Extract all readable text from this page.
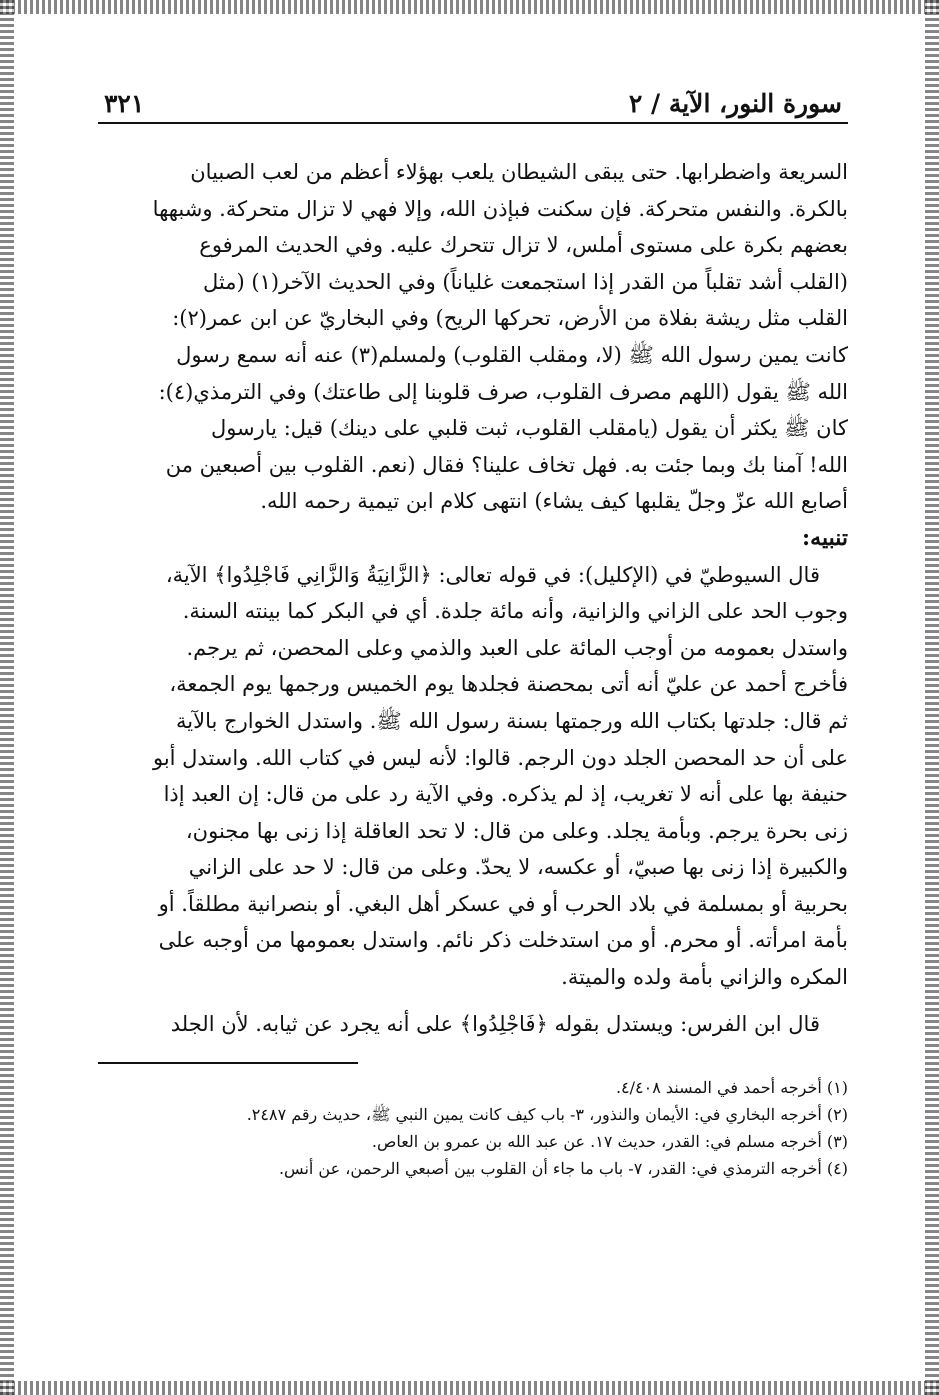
سورة النور، الآية / ٢
٣٢١

السريعة واضطرابها. حتى يبقى الشيطان يلعب بهؤلاء أعظم من لعب الصبيان

بالكرة. والنفس متحركة. فإن سكنت فبإذن الله، وإلا فهي لا تزال متحركة. وشبهها

بعضهم بكرة على مستوى أملس، لا تزال تتحرك عليه. وفي الحديث المرفوع

(القلب أشد تقلباً من القدر إذا استجمعت غلياناً) وفي الحديث الآخر(١) (مثل

القلب مثل ريشة بفلاة من الأرض، تحركها الريح) وفي البخاريّ عن ابن عمر(٢):

كانت يمين رسول الله ﷺ (لا، ومقلب القلوب) ولمسلم(٣) عنه أنه سمع رسول

الله ﷺ يقول (اللهم مصرف القلوب، صرف قلوبنا إلى طاعتك) وفي الترمذي(٤):

كان ﷺ يكثر أن يقول (يامقلب القلوب، ثبت قلبي على دينك) قيل: يارسول

الله! آمنا بك وبما جئت به. فهل تخاف علينا؟ فقال (نعم. القلوب بين أصبعين من

أصابع الله عزّ وجلّ يقلبها كيف يشاء) انتهى كلام ابن تيمية رحمه الله.

تنبيه:

قال السيوطيّ في (الإكليل): في قوله تعالى: ﴿الزَّانِيَةُ وَالزَّانِي فَاجْلِدُوا﴾ الآية،

وجوب الحد على الزاني والزانية، وأنه مائة جلدة. أي في البكر كما بينته السنة.

واستدل بعمومه من أوجب المائة على العبد والذمي وعلى المحصن، ثم يرجم.

فأخرج أحمد عن عليّ أنه أتى بمحصنة فجلدها يوم الخميس ورجمها يوم الجمعة،

ثم قال: جلدتها بكتاب الله ورجمتها بسنة رسول الله ﷺ. واستدل الخوارج بالآية

على أن حد المحصن الجلد دون الرجم. قالوا: لأنه ليس في كتاب الله. واستدل أبو

حنيفة بها على أنه لا تغريب، إذ لم يذكره. وفي الآية رد على من قال: إن العبد إذا

زنى بحرة يرجم. وبأمة يجلد. وعلى من قال: لا تحد العاقلة إذا زنى بها مجنون،

والكبيرة إذا زنى بها صبيّ، أو عكسه، لا يحدّ. وعلى من قال: لا حد على الزاني

بحربية أو بمسلمة في بلاد الحرب أو في عسكر أهل البغي. أو بنصرانية مطلقاً. أو

بأمة امرأته. أو محرم. أو من استدخلت ذكر نائم. واستدل بعمومها من أوجبه على

المكره والزاني بأمة ولده والميتة.

قال ابن الفرس: ويستدل بقوله ﴿فَاجْلِدُوا﴾ على أنه يجرد عن ثيابه. لأن الجلد

(١) أخرجه أحمد في المسند ٤/٤٠٨.

(٢) أخرجه البخاري في: الأيمان والنذور، ٣- باب كيف كانت يمين النبي ﷺ، حديث رقم ٢٤٨٧.

(٣) أخرجه مسلم في: القدر، حديث ١٧. عن عبد الله بن عمرو بن العاص.

(٤) أخرجه الترمذي في: القدر، ٧- باب ما جاء أن القلوب بين أصبعي الرحمن، عن أنس.
